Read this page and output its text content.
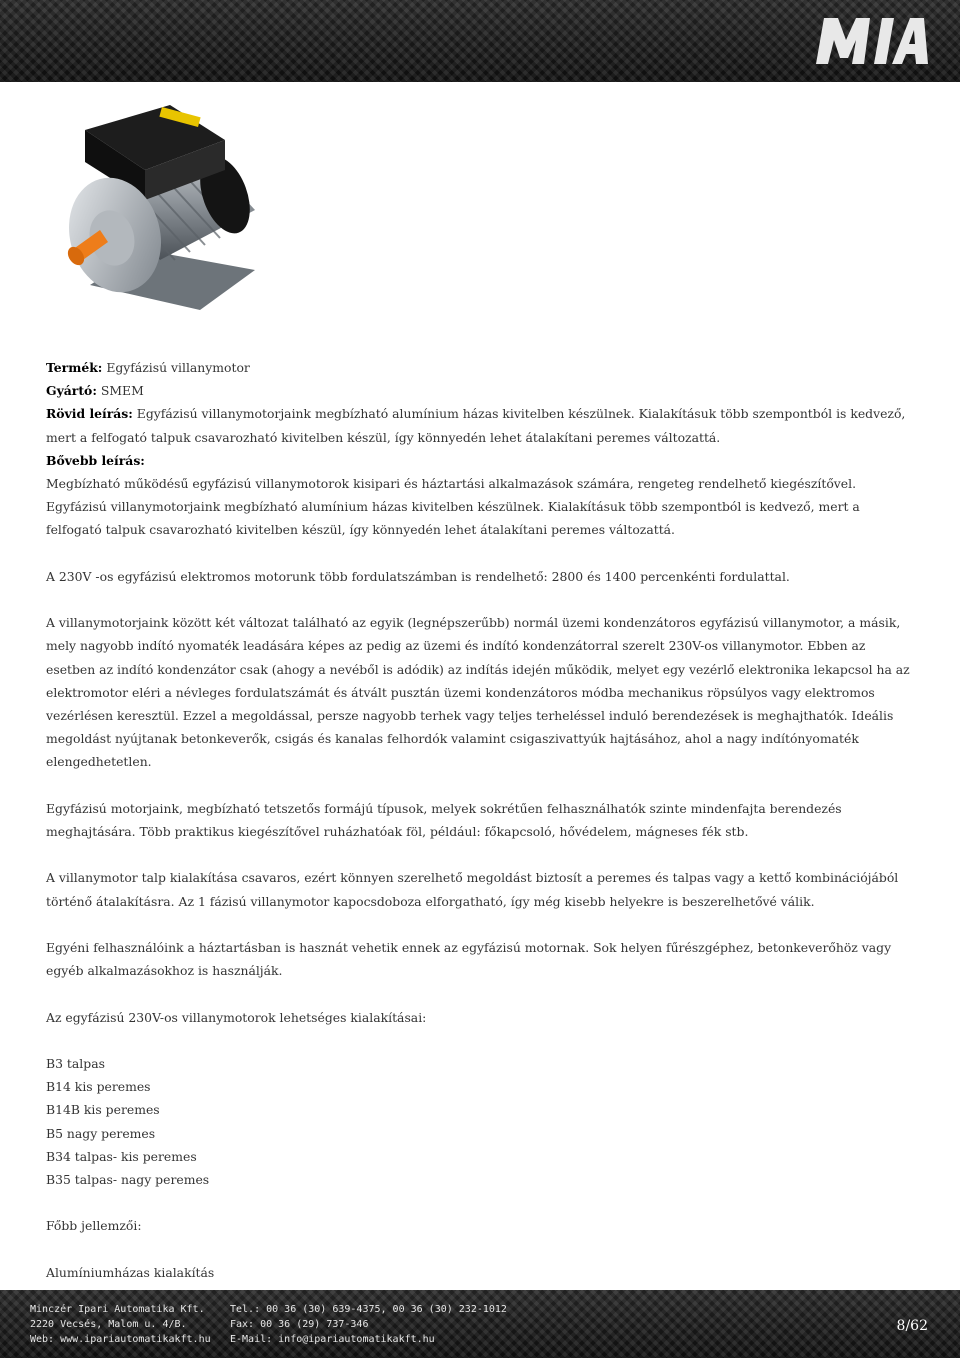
MIA

Termék: Egyfázisú villanymotor

Gyártó: SMEM

Rövid leírás: Egyfázisú villanymotorjaink megbízható alumínium házas kivitelben készülnek. Kialakításuk több szempontból is kedvező, mert a felfogató talpuk csavarozható kivitelben készül, így könnyedén lehet átalakítani peremes változattá.

Bővebb leírás:

Megbízható működésű egyfázisú villanymotorok kisipari és háztartási alkalmazások számára, rengeteg rendelhető kiegészítővel. Egyfázisú villanymotorjaink megbízható alumínium házas kivitelben készülnek. Kialakításuk több szempontból is kedvező, mert a felfogató talpuk csavarozható kivitelben készül, így könnyedén lehet átalakítani peremes változattá.

A 230V -os egyfázisú elektromos motorunk több fordulatszámban is rendelhető: 2800 és 1400 percenkénti fordulattal.

A villanymotorjaink között két változat található az egyik (legnépszerűbb) normál üzemi kondenzátoros egyfázisú villanymotor, a másik, mely nagyobb indító nyomaték leadására képes az pedig az üzemi és indító kondenzátorral szerelt 230V-os villanymotor. Ebben az esetben az indító kondenzátor csak (ahogy a nevéből is adódik) az indítás idején működik, melyet egy vezérlő elektronika lekapcsol ha az elektromotor eléri a névleges fordulatszámát és átvált pusztán üzemi kondenzátoros módba mechanikus röpsúlyos vagy elektromos vezérlésen keresztül. Ezzel a megoldással, persze nagyobb terhek vagy teljes terheléssel induló berendezések is meghajthatók. Ideális megoldást nyújtanak betonkeverők, csigás és kanalas felhordók valamint csigaszivattyúk hajtásához, ahol a nagy indítónyomaték elengedhetetlen.

Egyfázisú motorjaink, megbízható tetszetős formájú típusok, melyek sokrétűen felhasználhatók szinte mindenfajta berendezés meghajtására. Több praktikus kiegészítővel ruházhatóak föl, például: főkapcsoló, hővédelem, mágneses fék stb.

A villanymotor talp kialakítása csavaros, ezért könnyen szerelhető megoldást biztosít a peremes és talpas vagy a kettő kombinációjából történő átalakításra. Az 1 fázisú villanymotor kapocsdoboza elforgatható, így még kisebb helyekre is beszerelhetővé válik.

Egyéni felhasználóink a háztartásban is hasznát vehetik ennek az egyfázisú motornak. Sok helyen fűrészgéphez, betonkeverőhöz vagy egyéb alkalmazásokhoz is használják.

Az egyfázisú 230V-os villanymotorok lehetséges kialakításai:

B3 talpas

B14 kis peremes

B14B kis peremes

B5 nagy peremes

B34 talpas- kis peremes

B35 talpas- nagy peremes

Főbb jellemzői:

Alumíniumházas kialakítás

Minczér Ipari Automatika Kft.
2220 Vecsés, Malom u. 4/B.
Web: www.ipariautomatikakft.hu
Tel.: 00 36 (30) 639-4375, 00 36 (30) 232-1012
Fax: 00 36 (29) 737-346
E-Mail: info@ipariautomatikakft.hu
8/62
